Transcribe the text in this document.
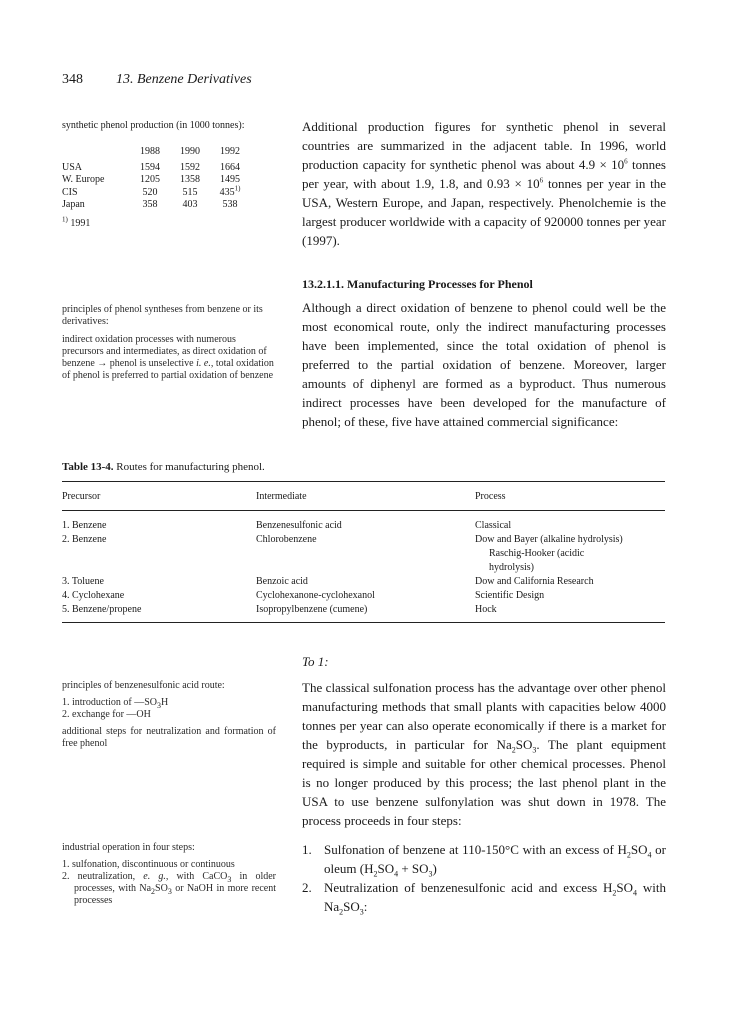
348 13. Benzene Derivatives
synthetic phenol production (in 1000 tonnes):
	1988	1990	1992
USA	1594	1592	1664
W. Europe	1205	1358	1495
CIS	520	515	435$^{1)}$
Japan	358	403	538
$^{1)}$ 1991

Additional production figures for synthetic phenol in several countries are summarized in the adjacent table. In 1996, world production capacity for synthetic phenol was about $4.9 \times 10^6$ tonnes per year, with about 1.9, 1.8, and $0.93 \times 10^6$ tonnes per year in the USA, Western Europe, and Japan, respectively. Phenolchemie is the largest producer worldwide with a capacity of 920000 tonnes per year (1997).

13.2.1.1. Manufacturing Processes for Phenol

principles of phenol syntheses from benzene or its derivatives:

indirect oxidation processes with numerous precursors and intermediates, as direct oxidation of benzene → phenol is unselective i. e., total oxidation of phenol is preferred to partial oxidation of benzene

Although a direct oxidation of benzene to phenol could well be the most economical route, only the indirect manufacturing processes have been implemented, since the total oxidation of phenol is preferred to the partial oxidation of benzene. Moreover, larger amounts of diphenyl are formed as a byproduct. Thus numerous indirect processes have been developed for the manufacture of phenol; of these, five have attained commercial significance:

Table 13-4. Routes for manufacturing phenol.
Precursor	Intermediate	Process
1. Benzene	Benzenesulfonic acid	Classical
2. Benzene	Chlorobenzene	Dow and Bayer (alkaline hydrolysis)
Raschig-Hooker (acidic
hydrolysis)
3. Toluene	Benzoic acid	Dow and California Research
4. Cyclohexane	Cyclohexanone-cyclohexanol	Scientific Design
5. Benzene/propene	Isopropylbenzene (cumene)	Hock
To 1:

principles of benzenesulfonic acid route:

1. introduction of $—SO_3H$

2. exchange for —OH

additional steps for neutralization and formation of free phenol

The classical sulfonation process has the advantage over other phenol manufacturing methods that small plants with capacities below 4000 tonnes per year can also operate economically if there is a market for the byproducts, in particular for $Na_2SO_3$. The plant equipment required is simple and suitable for other chemical processes. Phenol is no longer produced by this process; the last phenol plant in the USA to use benzene sulfonylation was shut down in 1978. The process proceeds in four steps:

industrial operation in four steps:

1. sulfonation, discontinuous or continuous

2. neutralization, e. g., with CaCO$_3$ in older processes, with $Na_2SO_3$ or NaOH in more recent processes

1. Sulfonation of benzene at 110-150°C with an excess of $H_2SO_4$ or oleum $(H_2SO_4 + SO_3)$
2. Neutralization of benzenesulfonic acid and excess $H_2SO_4$ with $Na_2SO_3$:
